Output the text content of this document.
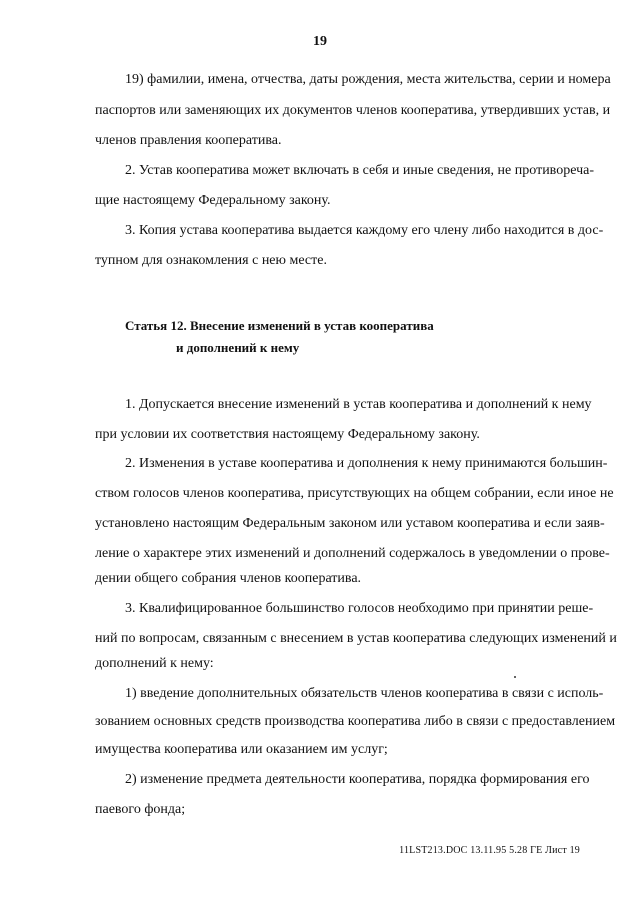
19
19) фамилии, имена, отчества, даты рождения, места жительства, серии и номера
паспортов или заменяющих их документов членов кооператива, утвердивших устав, и
членов правления кооператива.
2. Устав кооператива может включать в себя и иные сведения, не противореча-
щие настоящему Федеральному закону.
3. Копия устава кооператива выдается каждому его члену либо находится в дос-
тупном для ознакомления с нею месте.
Статья 12. Внесение изменений в устав кооператива
и дополнений к нему
1. Допускается внесение изменений в устав кооператива и дополнений к нему
при условии их соответствия настоящему Федеральному закону.
2. Изменения в уставе кооператива и дополнения к нему принимаются большин-
ством голосов членов кооператива, присутствующих на общем собрании, если иное не
установлено настоящим Федеральным законом или уставом кооператива и если заяв-
ление о характере этих изменений и дополнений содержалось в уведомлении о прове-
дении общего собрания членов кооператива.
3. Квалифицированное большинство голосов необходимо при принятии реше-
ний по вопросам, связанным с внесением в устав кооператива следующих изменений и
дополнений к нему:
1) введение дополнительных обязательств членов кооператива в связи с исполь-
зованием основных средств производства кооператива либо в связи с предоставлением
имущества кооператива или оказанием им услуг;
2) изменение предмета деятельности кооператива, порядка формирования его
паевого фонда;
11LST213.DOC 13.11.95 5.28 ГЕ Лист 19
